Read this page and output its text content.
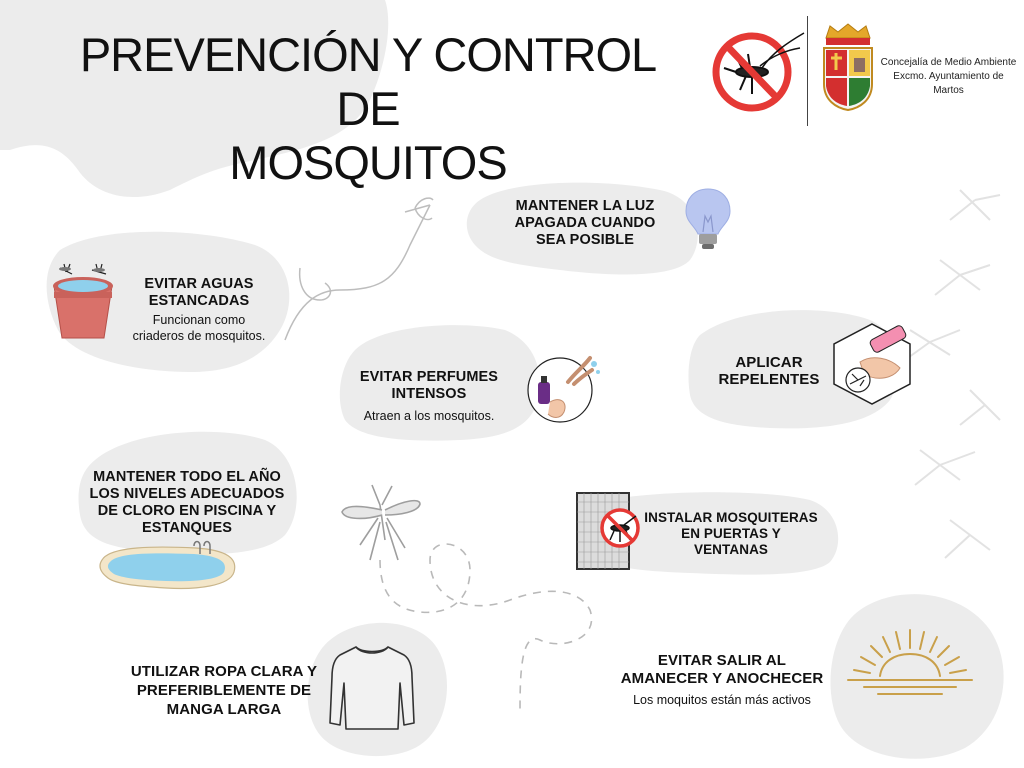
PREVENCIÓN Y CONTROL DE
MOSQUITOS
Concejalía de Medio Ambiente
Excmo. Ayuntamiento de
Martos
EVITAR AGUAS
ESTANCADAS
Funcionan como
criaderos de mosquitos.
MANTENER LA LUZ
APAGADA CUANDO
SEA POSIBLE
EVITAR PERFUMES
INTENSOS
Atraen a los mosquitos.
APLICAR
REPELENTES
MANTENER TODO EL AÑO
LOS NIVELES ADECUADOS
DE CLORO EN PISCINA Y
ESTANQUES
INSTALAR MOSQUITERAS
EN PUERTAS Y
VENTANAS
UTILIZAR ROPA CLARA Y
PREFERIBLEMENTE DE
MANGA LARGA
EVITAR SALIR AL
AMANECER Y ANOCHECER
Los moquitos están más activos
